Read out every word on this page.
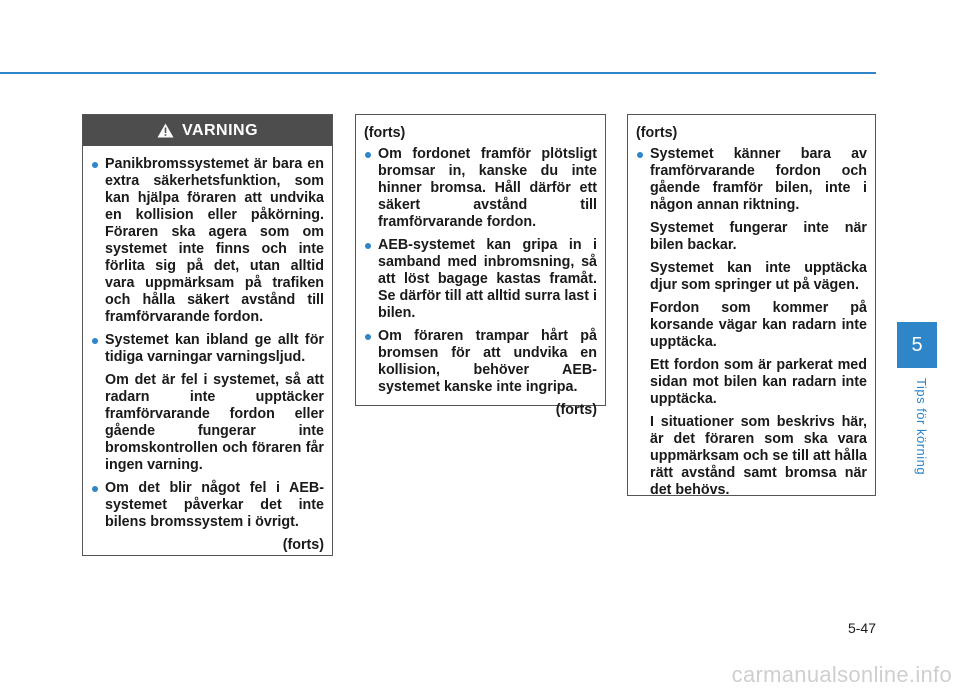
VARNING
Panikbromssystemet är bara en extra säkerhetsfunktion, som kan hjälpa föraren att undvika en kollision eller påkörning. Föraren ska agera som om systemet inte finns och inte förlita sig på det, utan alltid vara uppmärksam på trafiken och hålla säkert avstånd till framförvarande fordon.
Systemet kan ibland ge allt för tidiga varningar varningsljud.
Om det är fel i systemet, så att radarn inte upptäcker framförvarande fordon eller gående fungerar inte bromskontrollen och föraren får ingen varning.
Om det blir något fel i AEB-systemet påverkar det inte bilens bromssystem i övrigt.
(forts)
(forts)
Om fordonet framför plötsligt bromsar in, kanske du inte hinner bromsa. Håll därför ett säkert avstånd till framförvarande fordon.
AEB-systemet kan gripa in i samband med inbromsning, så att löst bagage kastas framåt. Se därför till att alltid surra last i bilen.
Om föraren trampar hårt på bromsen för att undvika en kollision, behöver AEB-systemet kanske inte ingripa.
(forts)
(forts)
Systemet känner bara av framförvarande fordon och gående framför bilen, inte i någon annan riktning.
Systemet fungerar inte när bilen backar.
Systemet kan inte upptäcka djur som springer ut på vägen.
Fordon som kommer på korsande vägar kan radarn inte upptäcka.
Ett fordon som är parkerat med sidan mot bilen kan radarn inte upptäcka.
I situationer som beskrivs här, är det föraren som ska vara uppmärksam och se till att hålla rätt avstånd samt bromsa när det behövs.
5
Tips för körning
5-47
carmanualsonline.info
